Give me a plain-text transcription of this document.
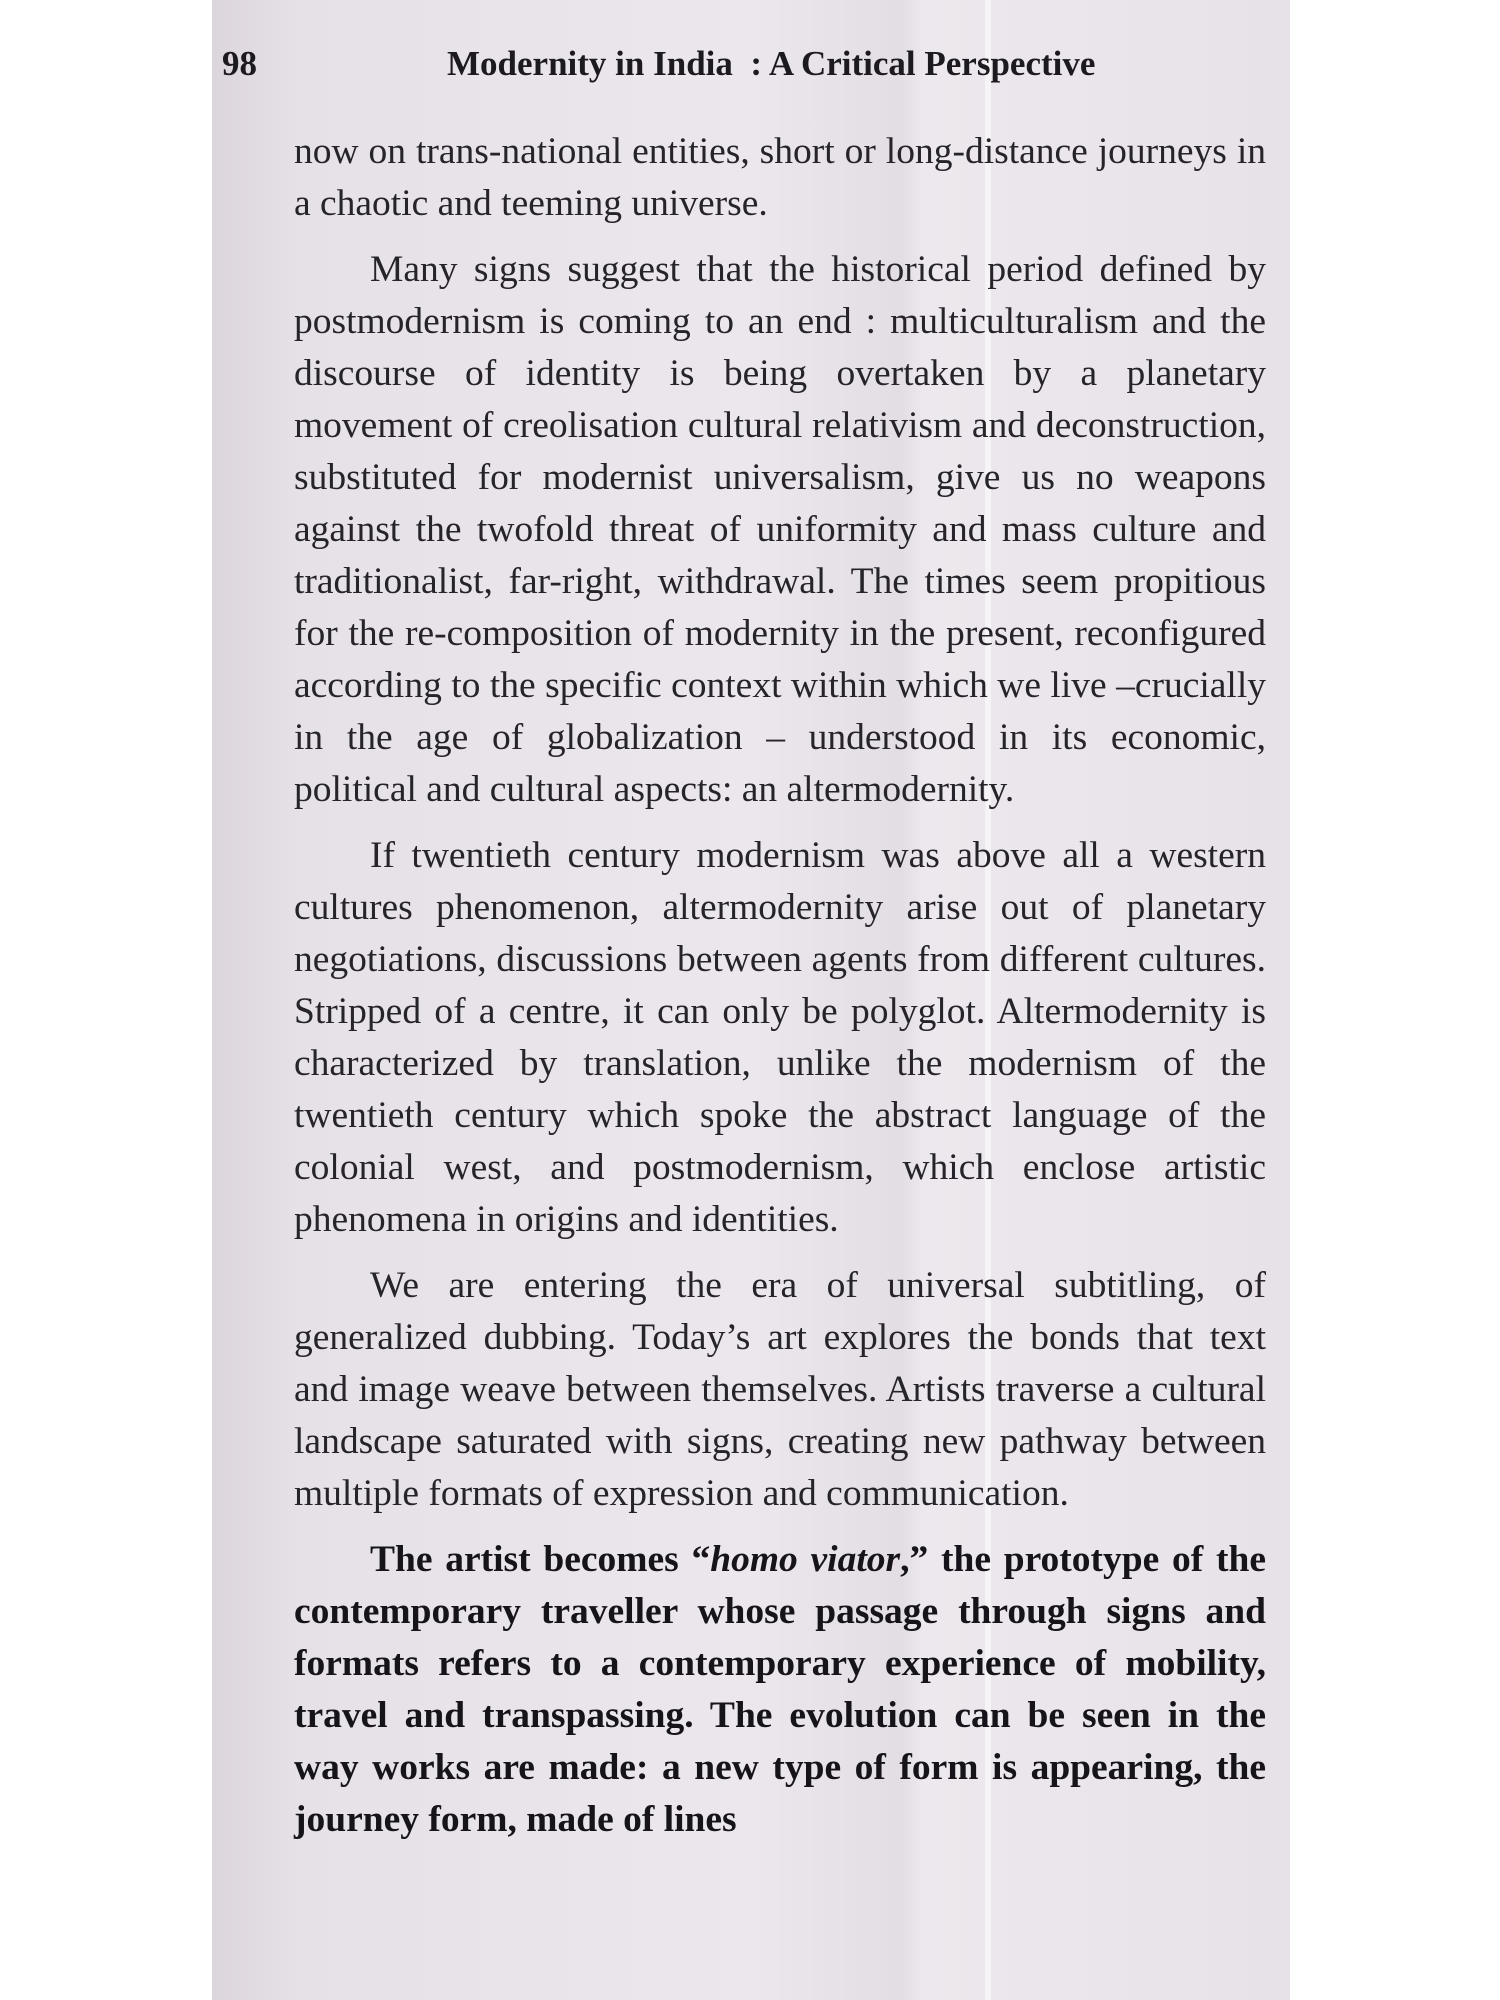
98	Modernity in India  : A Critical Perspective

now on trans-national entities, short or long-distance journeys in a chaotic and teeming universe.

Many signs suggest that the historical period defined by postmodernism is coming to an end : multiculturalism and the discourse of identity is being overtaken by a planetary movement of creolisation cultural relativism and deconstruction, substituted for modernist universalism, give us no weapons against the twofold threat of uniformity and mass culture and traditionalist, far-right, withdrawal. The times seem propitious for the re-composition of modernity in the present, reconfigured according to the specific context within which we live –crucially in the age of globalization – understood in its economic, political and cultural aspects: an altermodernity.

If twentieth century modernism was above all a western cultures phenomenon, altermodernity arise out of planetary negotiations, discussions between agents from different cultures. Stripped of a centre, it can only be polyglot. Altermodernity is characterized by translation, unlike the modernism of the twentieth century which spoke the abstract language of the colonial west, and postmodernism, which enclose artistic phenomena in origins and identities.

We are entering the era of universal subtitling, of generalized dubbing. Today’s art explores the bonds that text and image weave between themselves. Artists traverse a cultural landscape saturated with signs, creating new pathway between multiple formats of expression and communication.

The artist becomes “homo viator,” the prototype of the contemporary traveller whose passage through signs and formats refers to a contemporary experience of mobility, travel and transpassing. The evolution can be seen in the way works are made: a new type of form is appearing, the journey form, made of lines
